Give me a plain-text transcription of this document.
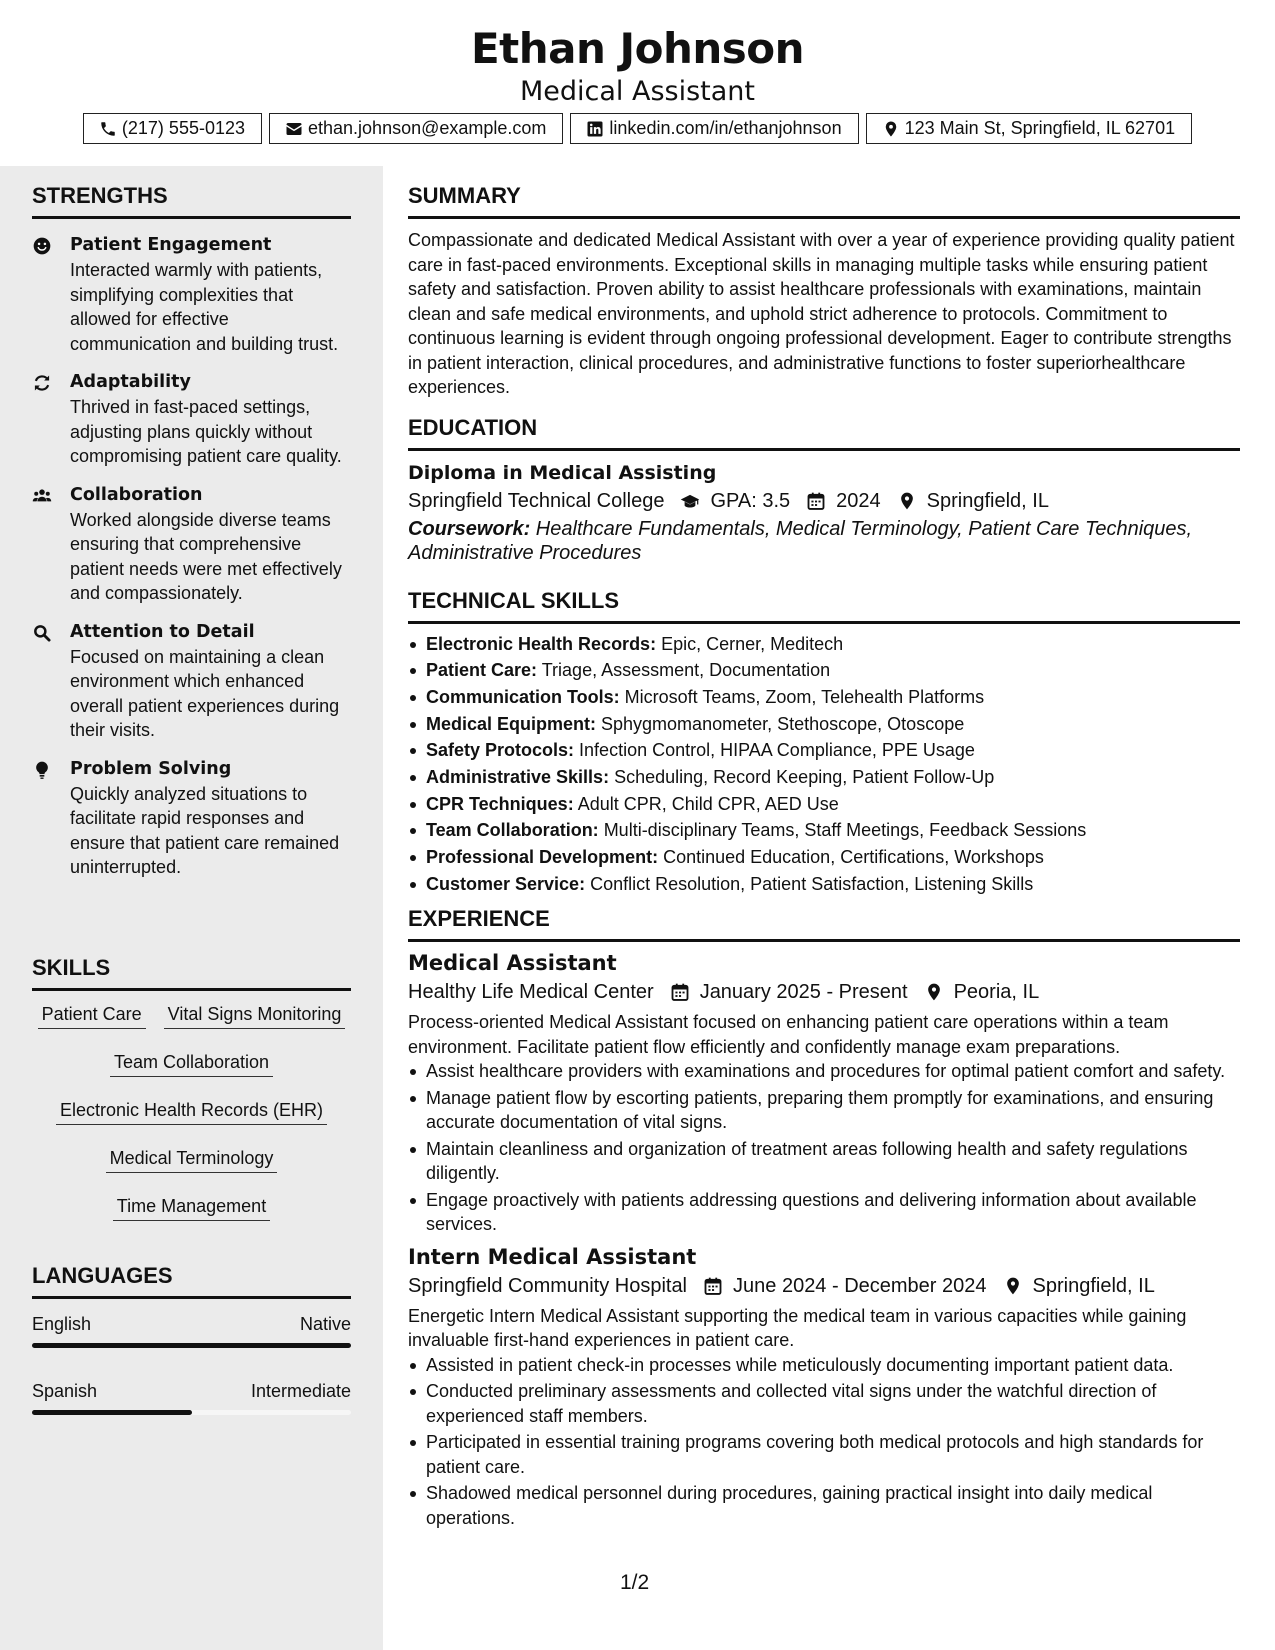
Ethan Johnson
Medical Assistant
(217) 555-0123	ethan.johnson@example.com	linkedin.com/in/ethanjohnson	123 Main St, Springfield, IL 62701
STRENGTHS
Patient Engagement
Interacted warmly with patients, simplifying complexities that allowed for effective communication and building trust.
Adaptability
Thrived in fast-paced settings, adjusting plans quickly without compromising patient care quality.
Collaboration
Worked alongside diverse teams ensuring that comprehensive patient needs were met effectively and compassionately.
Attention to Detail
Focused on maintaining a clean environment which enhanced overall patient experiences during their visits.
Problem Solving
Quickly analyzed situations to facilitate rapid responses and ensure that patient care remained uninterrupted.
SKILLS
Patient Care Vital Signs Monitoring
Team Collaboration
Electronic Health Records (EHR)
Medical Terminology
Time Management
LANGUAGES
English	Native
Spanish	Intermediate
SUMMARY
Compassionate and dedicated Medical Assistant with over a year of experience providing quality patient care in fast-paced environments. Exceptional skills in managing multiple tasks while ensuring patient safety and satisfaction. Proven ability to assist healthcare professionals with examinations, maintain clean and safe medical environments, and uphold strict adherence to protocols. Commitment to continuous learning is evident through ongoing professional development. Eager to contribute strengths in patient interaction, clinical procedures, and administrative functions to foster superiorhealthcare experiences.
EDUCATION
Diploma in Medical Assisting
Springfield Technical College GPA: 3.5 2024 Springfield, IL
Coursework: Healthcare Fundamentals, Medical Terminology, Patient Care Techniques, Administrative Procedures
TECHNICAL SKILLS
Electronic Health Records: Epic, Cerner, Meditech
Patient Care: Triage, Assessment, Documentation
Communication Tools: Microsoft Teams, Zoom, Telehealth Platforms
Medical Equipment: Sphygmomanometer, Stethoscope, Otoscope
Safety Protocols: Infection Control, HIPAA Compliance, PPE Usage
Administrative Skills: Scheduling, Record Keeping, Patient Follow-Up
CPR Techniques: Adult CPR, Child CPR, AED Use
Team Collaboration: Multi-disciplinary Teams, Staff Meetings, Feedback Sessions
Professional Development: Continued Education, Certifications, Workshops
Customer Service: Conflict Resolution, Patient Satisfaction, Listening Skills
EXPERIENCE
Medical Assistant
Healthy Life Medical Center January 2025 - Present Peoria, IL
Process-oriented Medical Assistant focused on enhancing patient care operations within a team environment. Facilitate patient flow efficiently and confidently manage exam preparations.
Assist healthcare providers with examinations and procedures for optimal patient comfort and safety.
Manage patient flow by escorting patients, preparing them promptly for examinations, and ensuring accurate documentation of vital signs.
Maintain cleanliness and organization of treatment areas following health and safety regulations diligently.
Engage proactively with patients addressing questions and delivering information about available services.
Intern Medical Assistant
Springfield Community Hospital June 2024 - December 2024 Springfield, IL
Energetic Intern Medical Assistant supporting the medical team in various capacities while gaining invaluable first-hand experiences in patient care.
Assisted in patient check-in processes while meticulously documenting important patient data.
Conducted preliminary assessments and collected vital signs under the watchful direction of experienced staff members.
Participated in essential training programs covering both medical protocols and high standards for patient care.
Shadowed medical personnel during procedures, gaining practical insight into daily medical operations.
1/2
